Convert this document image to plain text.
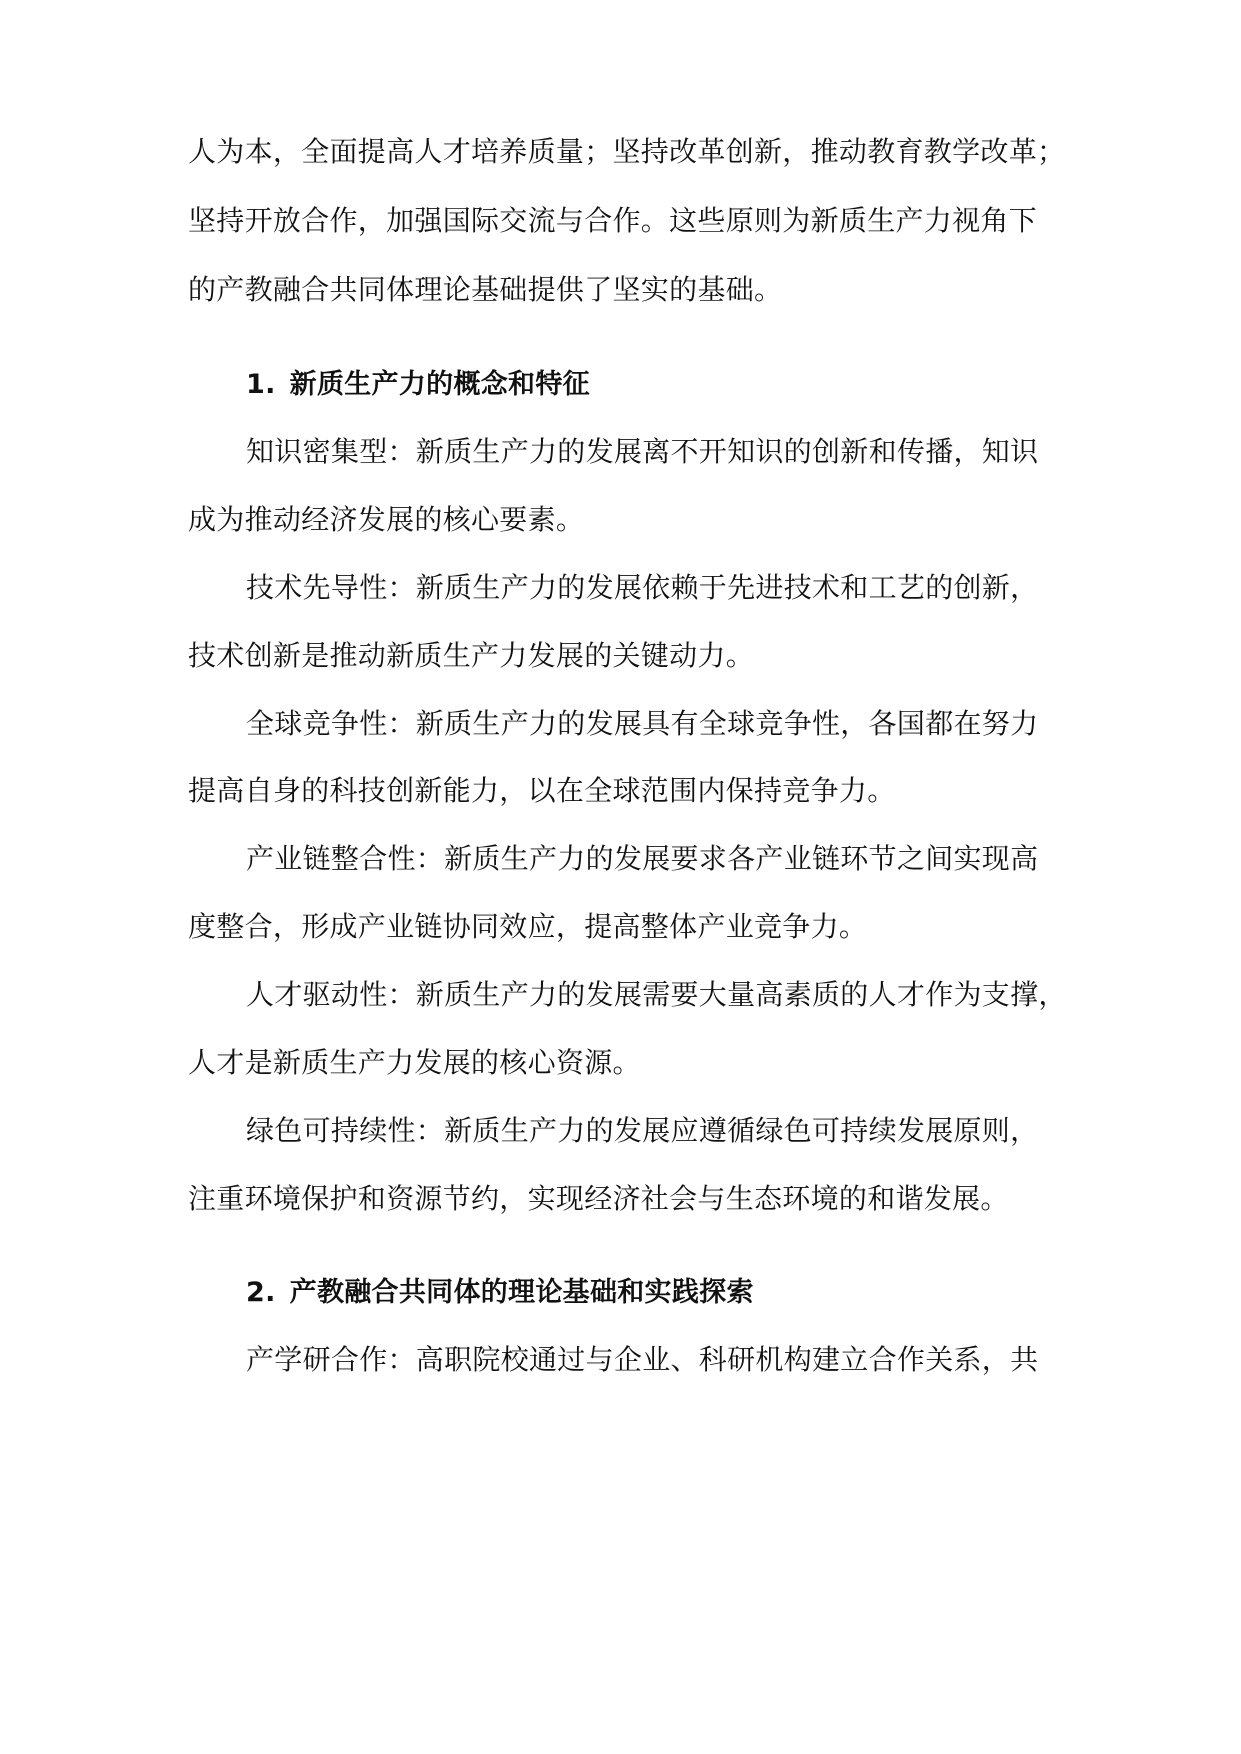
人为本，全面提高人才培养质量；坚持改革创新，推动教育教学改革；
坚持开放合作，加强国际交流与合作。这些原则为新质生产力视角下
的产教融合共同体理论基础提供了坚实的基础。
1. 新质生产力的概念和特征
知识密集型：新质生产力的发展离不开知识的创新和传播，知识
成为推动经济发展的核心要素。
技术先导性：新质生产力的发展依赖于先进技术和工艺的创新，
技术创新是推动新质生产力发展的关键动力。
全球竞争性：新质生产力的发展具有全球竞争性，各国都在努力
提高自身的科技创新能力，以在全球范围内保持竞争力。
产业链整合性：新质生产力的发展要求各产业链环节之间实现高
度整合，形成产业链协同效应，提高整体产业竞争力。
人才驱动性：新质生产力的发展需要大量高素质的人才作为支撑，
人才是新质生产力发展的核心资源。
绿色可持续性：新质生产力的发展应遵循绿色可持续发展原则，
注重环境保护和资源节约，实现经济社会与生态环境的和谐发展。
2. 产教融合共同体的理论基础和实践探索
产学研合作：高职院校通过与企业、科研机构建立合作关系，共
